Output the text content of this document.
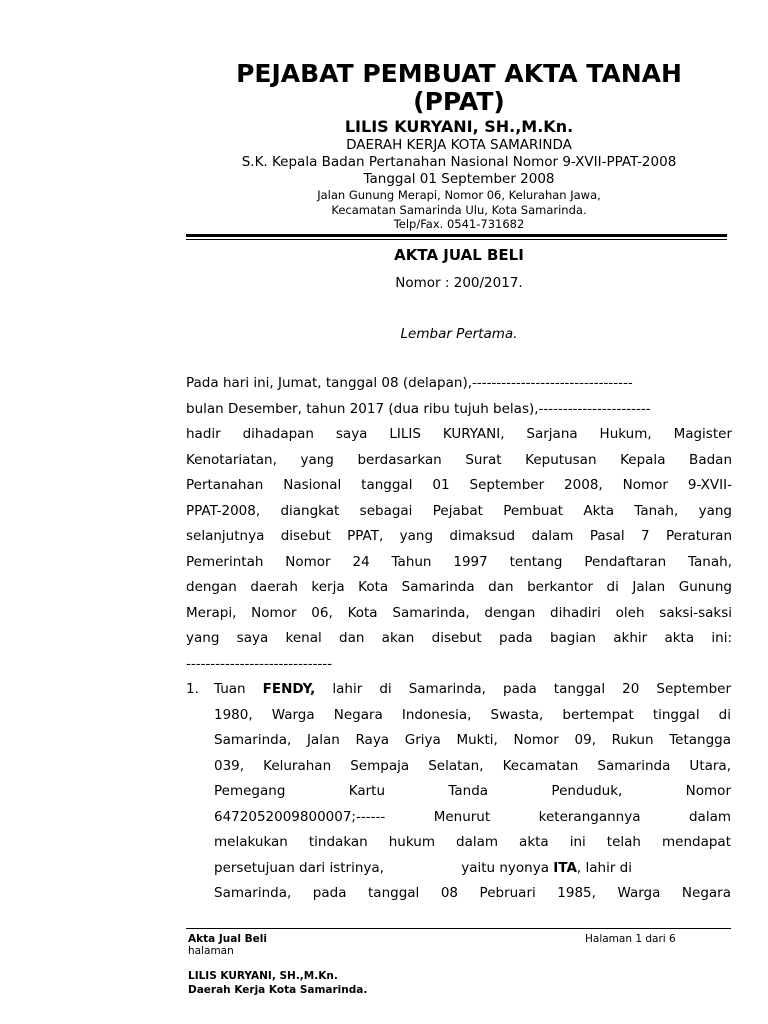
PEJABAT PEMBUAT AKTA TANAH
(PPAT)
LILIS KURYANI, SH.,M.Kn.
DAERAH KERJA KOTA SAMARINDA
S.K. Kepala Badan Pertanahan Nasional Nomor 9-XVII-PPAT-2008
Tanggal 01 September 2008
Jalan Gunung Merapi, Nomor 06, Kelurahan Jawa,
Kecamatan Samarinda Ulu, Kota Samarinda.
Telp/Fax. 0541-731682
AKTA JUAL BELI
Nomor : 200/2017.
Lembar Pertama.
Pada hari ini, Jumat, tanggal 08 (delapan),---------------------------------
bulan Desember, tahun 2017 (dua ribu tujuh belas),-----------------------
hadir dihadapan saya LILIS KURYANI, Sarjana Hukum, Magister
Kenotariatan, yang berdasarkan Surat Keputusan Kepala Badan
Pertanahan Nasional tanggal 01 September 2008, Nomor 9-XVII-
PPAT-2008, diangkat sebagai Pejabat Pembuat Akta Tanah, yang
selanjutnya disebut PPAT, yang dimaksud dalam Pasal 7 Peraturan
Pemerintah Nomor 24 Tahun 1997 tentang Pendaftaran Tanah,
dengan daerah kerja Kota Samarinda dan berkantor di Jalan Gunung
Merapi, Nomor 06, Kota Samarinda, dengan dihadiri oleh saksi-saksi
yang saya kenal dan akan disebut pada bagian akhir akta ini:
------------------------------
1. Tuan FENDY, lahir di Samarinda, pada tanggal 20 September
1980, Warga Negara Indonesia, Swasta, bertempat tinggal di
Samarinda, Jalan Raya Griya Mukti, Nomor 09, Rukun Tetangga
039, Kelurahan Sempaja Selatan, Kecamatan Samarinda Utara,
Pemegang Kartu Tanda Penduduk, Nomor
6472052009800007;------ Menurut keterangannya dalam
melakukan tindakan hukum dalam akta ini telah mendapat
persetujuan dari istrinya,                  yaitu nyonya ITA, lahir di
Samarinda, pada tanggal 08 Pebruari 1985, Warga Negara
Akta Jual Beli	Halaman 1 dari 6
halaman
LILIS KURYANI, SH.,M.Kn.
Daerah Kerja Kota Samarinda.
